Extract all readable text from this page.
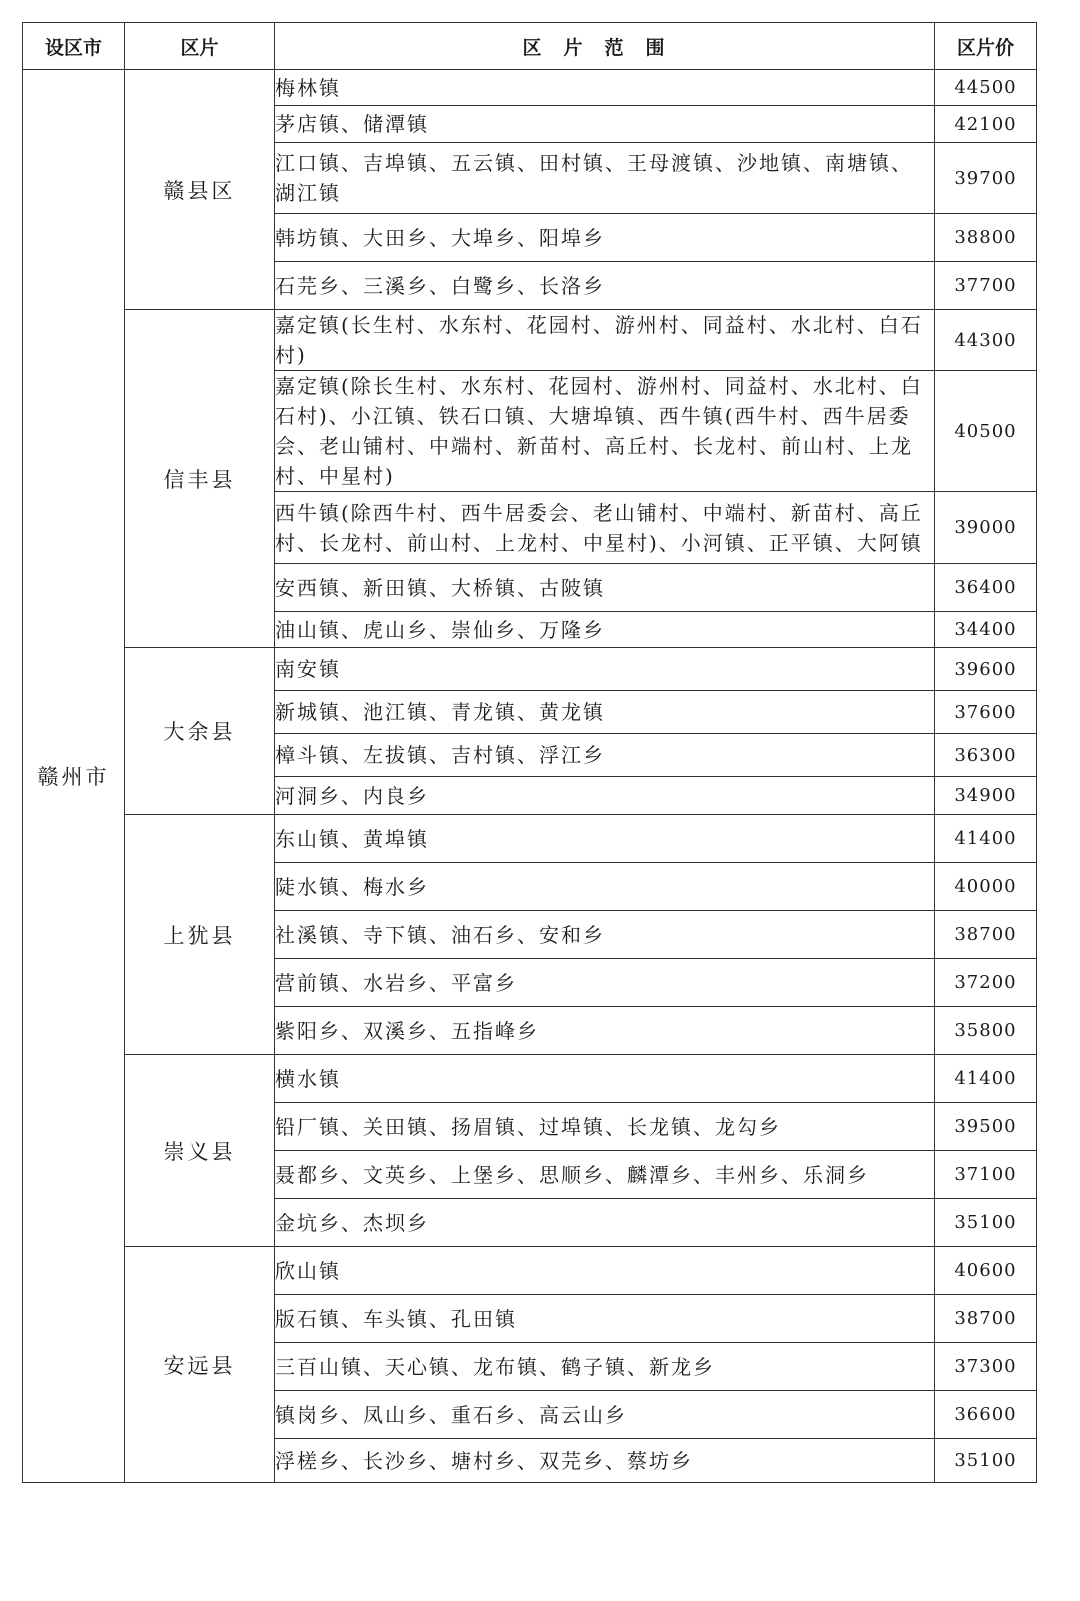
设区市	区片	区片范围	区片价
赣州市	赣县区	梅林镇	44500
		茅店镇、储潭镇	42100
		江口镇、吉埠镇、五云镇、田村镇、王母渡镇、沙地镇、南塘镇、湖江镇	39700
		韩坊镇、大田乡、大埠乡、阳埠乡	38800
		石芫乡、三溪乡、白鹭乡、长洛乡	37700
	信丰县	嘉定镇(长生村、水东村、花园村、游州村、同益村、水北村、白石村)	44300
		嘉定镇(除长生村、水东村、花园村、游州村、同益村、水北村、白石村)、小江镇、铁石口镇、大塘埠镇、西牛镇(西牛村、西牛居委会、老山铺村、中端村、新苗村、高丘村、长龙村、前山村、上龙村、中星村)	40500
		西牛镇(除西牛村、西牛居委会、老山铺村、中端村、新苗村、高丘村、长龙村、前山村、上龙村、中星村)、小河镇、正平镇、大阿镇	39000
		安西镇、新田镇、大桥镇、古陂镇	36400
		油山镇、虎山乡、崇仙乡、万隆乡	34400
	大余县	南安镇	39600
		新城镇、池江镇、青龙镇、黄龙镇	37600
		樟斗镇、左拔镇、吉村镇、浮江乡	36300
		河洞乡、内良乡	34900
	上犹县	东山镇、黄埠镇	41400
		陡水镇、梅水乡	40000
		社溪镇、寺下镇、油石乡、安和乡	38700
		营前镇、水岩乡、平富乡	37200
		紫阳乡、双溪乡、五指峰乡	35800
	崇义县	横水镇	41400
		铅厂镇、关田镇、扬眉镇、过埠镇、长龙镇、龙勾乡	39500
		聂都乡、文英乡、上堡乡、思顺乡、麟潭乡、丰州乡、乐洞乡	37100
		金坑乡、杰坝乡	35100
	安远县	欣山镇	40600
		版石镇、车头镇、孔田镇	38700
		三百山镇、天心镇、龙布镇、鹤子镇、新龙乡	37300
		镇岗乡、凤山乡、重石乡、高云山乡	36600
		浮槎乡、长沙乡、塘村乡、双芫乡、蔡坊乡	35100
